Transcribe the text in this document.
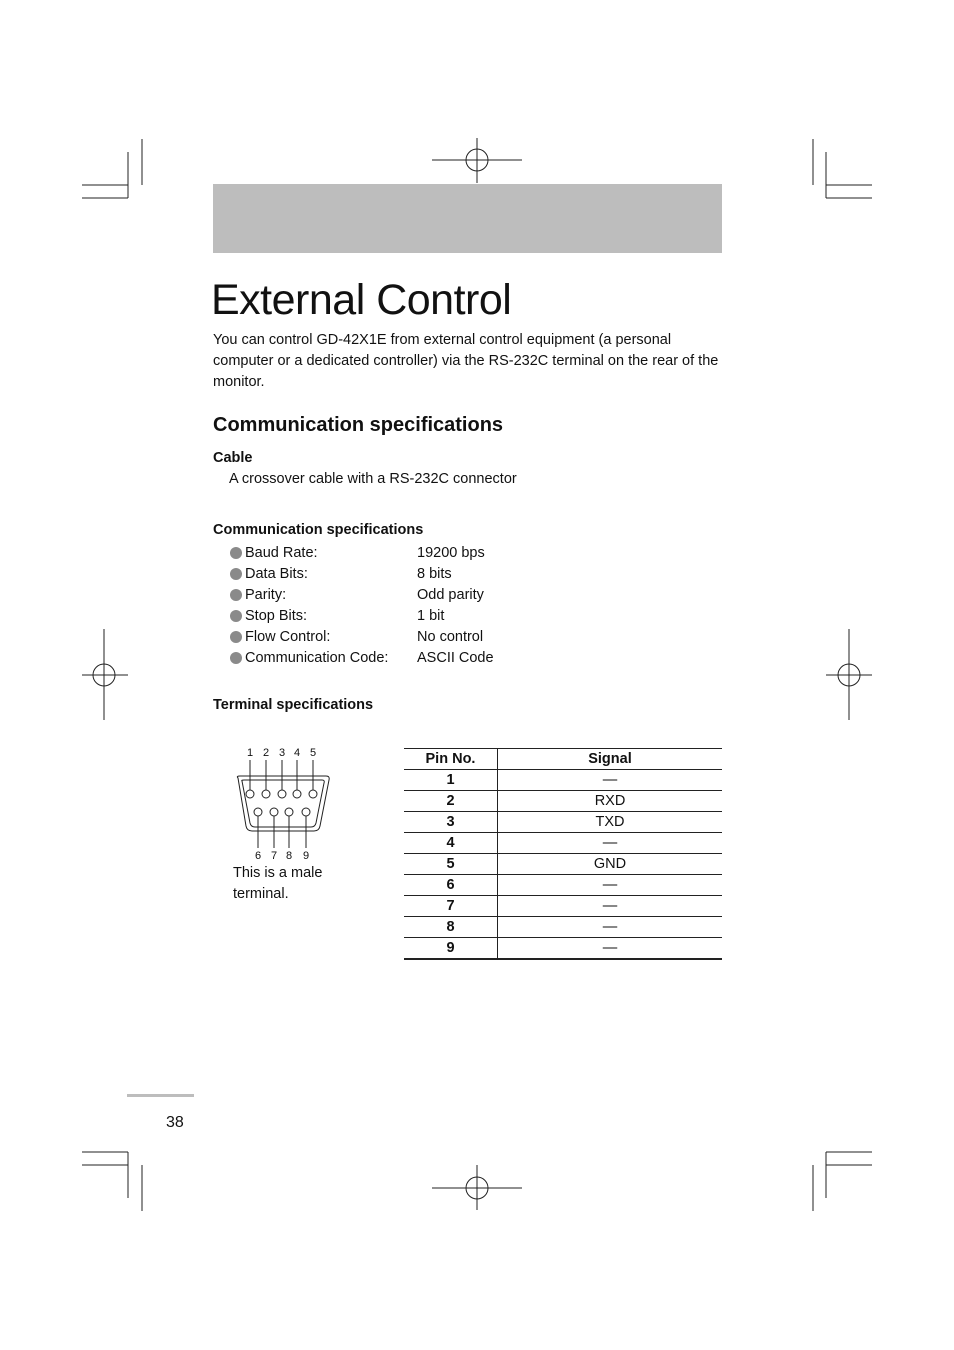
External Control
You can control GD-42X1E from external control equipment (a personal computer or a dedicated controller) via the RS-232C terminal on the rear of the monitor.
Communication specifications
Cable
A crossover cable with a RS-232C connector
Communication specifications
Baud Rate:	19200 bps
Data Bits:	8 bits
Parity:	Odd parity
Stop Bits:	1 bit
Flow Control:	No control
Communication Code:	ASCII Code
Terminal specifications
1 2 3 4 5
6 7 8 9
This is a male terminal.
Pin No.	Signal
1	—
2	RXD
3	TXD
4	—
5	GND
6	—
7	—
8	—
9	—
38
